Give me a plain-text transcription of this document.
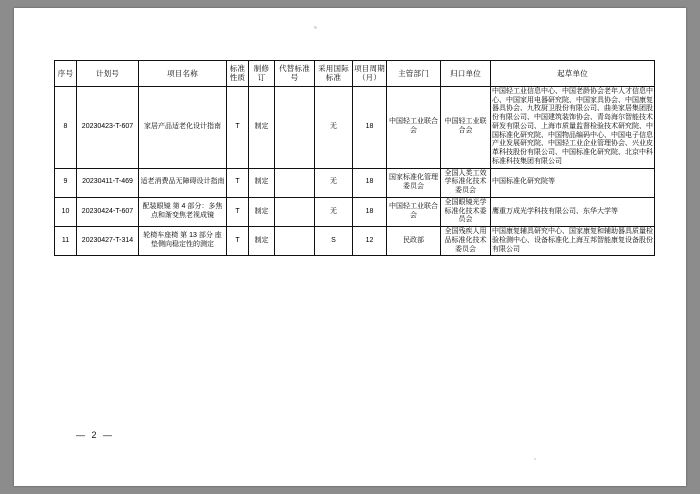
序号	计划号	项目名称	标准性质	制修订	代替标准号	采用国际标准	项目周期（月）	主管部门	归口单位	起草单位
8	20230423-T-607	家居产品适老化设计指南	T	制定		无	18	中国轻工业联合会	中国轻工业联合会	中国轻工业信息中心、中国老龄协会老年人才信息中心、中国家用电器研究院、中国家具协会、中国康复器具协会、九牧厨卫股份有限公司、曲美家居集团股份有限公司、中国建筑装饰协会、青岛海尔智能技术研发有限公司、上海市质量监督检验技术研究院、中国标准化研究院、中国物品编码中心、中国电子信息产业发展研究院、中国轻工业企业管理协会、兴业皮革科技股份有限公司、中国标准化研究院、北京中科标准科技集团有限公司
9	20230411-T-469	适老消费品无障碍设计指南	T	制定		无	18	国家标准化管理委员会	全国人类工效学标准化技术委员会	中国标准化研究院等
10	20230424-T-607	配装眼镜 第 4 部分：多焦点和渐变焦老视成镜	T	制定		无	18	中国轻工业联合会	全国眼镜光学标准化技术委员会	鹰重万成光学科技有限公司、东华大学等
11	20230427-T-314	轮椅车座椅 第 13 部分 座垫侧向稳定性的测定	T	制定		S	12	民政部	全国残疾人用品标准化技术委员会	中国康复辅具研究中心、国家康复和辅助器具质量检验检测中心、设备标准化上海互邦智能康复设备股份有限公司
— 2 —
